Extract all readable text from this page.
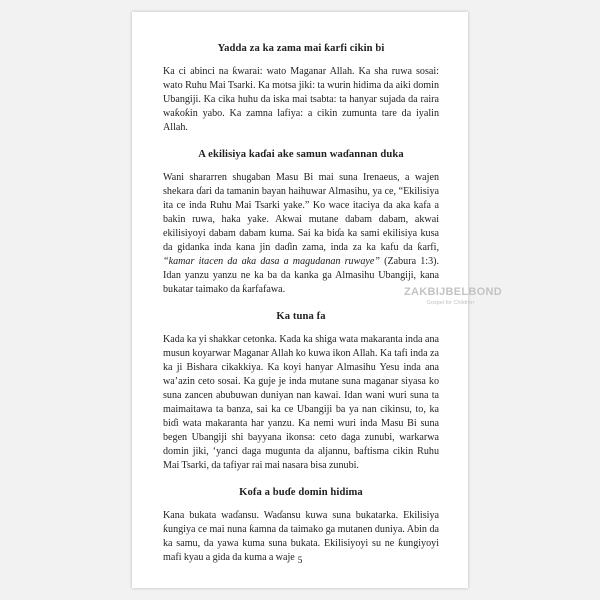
Yadda za ka zama mai ƙarfi cikin bi

Ka ci abinci na ƙwarai: wato Maganar Allah. Ka sha ruwa sosai: wato Ruhu Mai Tsarki. Ka motsa jiki: ta wurin hidima da aiki domin Ubangiji. Ka cika huhu da iska mai tsabta: ta hanyar sujada da raira waƙoƙin yabo. Ka zamna lafiya: a cikin zumunta tare da iyalin Allah.

A ekilisiya kaɗai ake samun waɗannan duka

Wani shararren shugaban Masu Bi mai suna Irenaeus, a wajen shekara ɗari da tamanin bayan haihuwar Almasihu, ya ce, “Ekilisiya ita ce inda Ruhu Mai Tsarki yake.” Ko wace itaciya da aka kafa a bakin ruwa, haka yake. Akwai mutane dabam dabam, akwai ekilisiyoyi dabam dabam kuma. Sai ka biɗa ka sami ekilisiya kusa da gidanka inda kana jin daɗin zama, inda za ka kafu da ƙarfi, “kamar itacen da aka dasa a magudanan ruwaye” (Zabura 1:3). Idan yanzu yanzu ne ka ba da kanka ga Almasihu Ubangiji, kana bukatar taimako da ƙarfafawa.

Ka tuna fa

Kada ka yi shakkar cetonka. Kada ka shiga wata makaranta inda ana musun koyarwar Maganar Allah ko kuwa ikon Allah. Ka tafi inda za ka ji Bishara cikakkiya. Ka koyi hanyar Almasihu Yesu inda ana wa’azin ceto sosai. Ka guje je inda mutane suna maganar siyasa ko suna zancen abubuwan duniyan nan kawai. Idan wani wuri suna ta maimaitawa ta banza, sai ka ce Ubangiji ba ya nan cikinsu, to, ka biɗi wata makaranta har yanzu. Ka nemi wuri inda Masu Bi suna begen Ubangiji shi bayyana ikonsa: ceto daga zunubi, warkarwa domin jiki, ‘yanci daga mugunta da aljannu, baftisma cikin Ruhu Mai Tsarki, da tafiyar rai mai nasara bisa zunubi.

Kofa a buɗe domin hidima

Kana bukata waɗansu. Waɗansu kuwa suna bukatarka. Ekilisiya ƙungiya ce mai nuna ƙamna da taimako ga mutanen duniya. Abin da ka samu, da yawa kuma suna bukata. Ekilisiyoyi su ne ƙungiyoyi mafi kyau a gida da kuma a waje

ZAKBIJBELBOND
Gospel for Children
5
